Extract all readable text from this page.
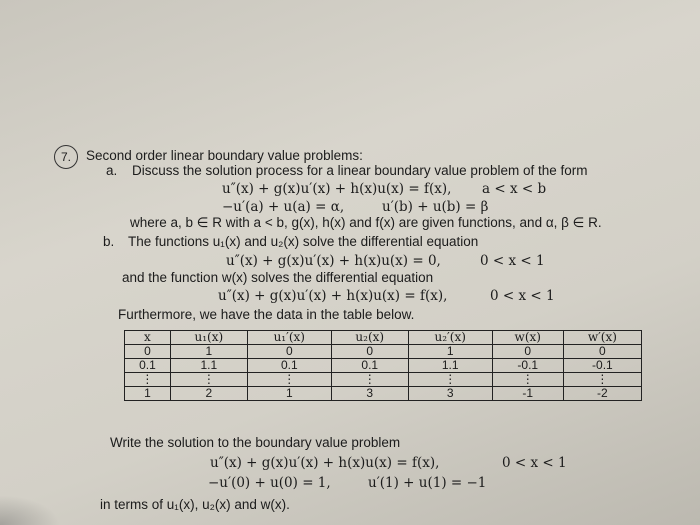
7.	Second order linear boundary value problems:
a. Discuss the solution process for a linear boundary value problem of the form
u″(x) + g(x)u′(x) + h(x)u(x) = f(x), a < x < b
−u′(a) + u(a) = α,	u′(b) + u(b) = β
where a, b ∈ R with a < b, g(x), h(x) and f(x) are given functions, and α, β ∈ R.
b. The functions u₁(x) and u₂(x) solve the differential equation
u″(x) + g(x)u′(x) + h(x)u(x) = 0,	0 < x < 1
and the function w(x) solves the differential equation
u″(x) + g(x)u′(x) + h(x)u(x) = f(x),	0 < x < 1
Furthermore, we have the data in the table below.
x	u₁(x)	u₁′(x)	u₂(x)	u₂′(x)	w(x)	w′(x)
0	1	0	0	1	0	0
0.1	1.1	0.1	0.1	1.1	-0.1	-0.1
⋮	⋮	⋮	⋮	⋮	⋮	⋮
1	2	1	3	3	-1	-2
Write the solution to the boundary value problem
u″(x) + g(x)u′(x) + h(x)u(x) = f(x),	0 < x < 1
−u′(0) + u(0) = 1,	u′(1) + u(1) = −1
in terms of u₁(x), u₂(x) and w(x).
